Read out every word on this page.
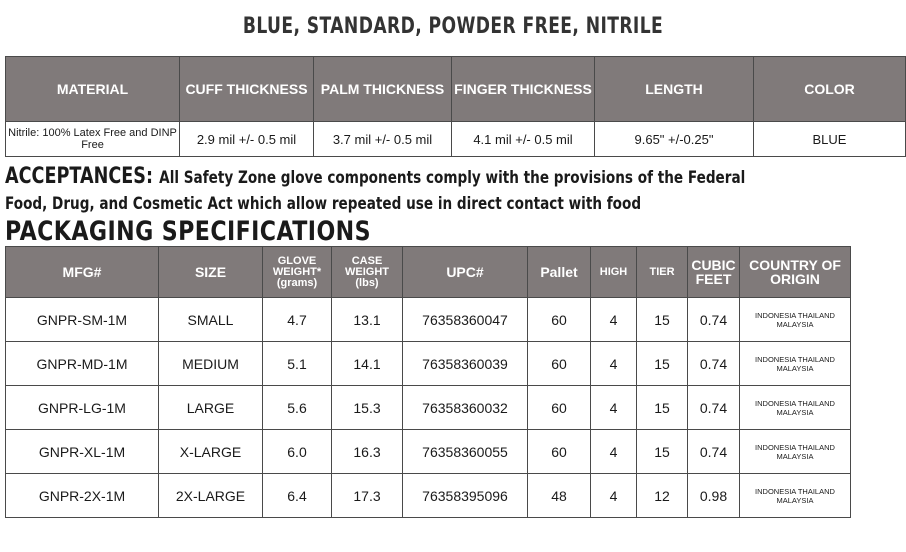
BLUE, STANDARD, POWDER FREE, NITRILE
MATERIAL	CUFF THICKNESS	PALM THICKNESS	FINGER THICKNESS	LENGTH	COLOR
Nitrile: 100% Latex Free and DINP Free	2.9 mil +/- 0.5 mil	3.7 mil +/- 0.5 mil	4.1 mil +/- 0.5 mil	9.65" +/-0.25"	BLUE
ACCEPTANCES: All Safety Zone glove components comply with the provisions of the Federal
Food, Drug, and Cosmetic Act which allow repeated use in direct contact with food
PACKAGING SPECIFICATIONS
MFG#	SIZE	GLOVE WEIGHT* (grams)	CASE WEIGHT (lbs)	UPC#	Pallet	HIGH	TIER	CUBIC FEET	COUNTRY OF ORIGIN
GNPR-SM-1M	SMALL	4.7	13.1	76358360047	60	4	15	0.74	INDONESIA THAILAND MALAYSIA
GNPR-MD-1M	MEDIUM	5.1	14.1	76358360039	60	4	15	0.74	INDONESIA THAILAND MALAYSIA
GNPR-LG-1M	LARGE	5.6	15.3	76358360032	60	4	15	0.74	INDONESIA THAILAND MALAYSIA
GNPR-XL-1M	X-LARGE	6.0	16.3	76358360055	60	4	15	0.74	INDONESIA THAILAND MALAYSIA
GNPR-2X-1M	2X-LARGE	6.4	17.3	76358395096	48	4	12	0.98	INDONESIA THAILAND MALAYSIA
